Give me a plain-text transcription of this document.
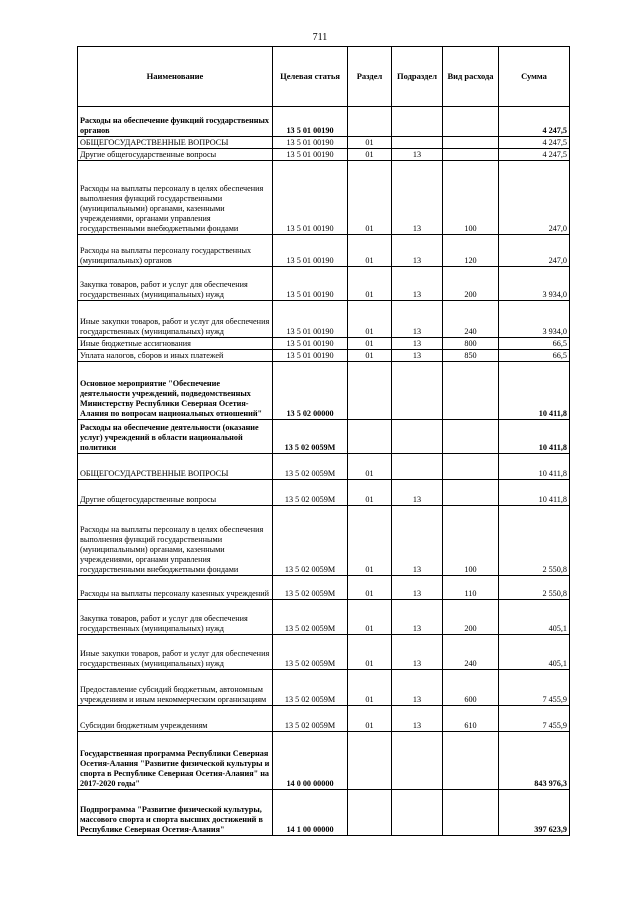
711
Наименование	Целевая статья	Раздел	Подраздел	Вид расхода	Сумма
Расходы на обеспечение функций государственных органов	13 5 01 00190				4 247,5
ОБЩЕГОСУДАРСТВЕННЫЕ ВОПРОСЫ	13 5 01 00190	01			4 247,5
Другие общегосударственные вопросы	13 5 01 00190	01	13		4 247,5
Расходы на выплаты персоналу в целях обеспечения выполнения функций государственными (муниципальными) органами, казенными учреждениями, органами управления государственными внебюджетными фондами	13 5 01 00190	01	13	100	247,0
Расходы на выплаты персоналу государственных (муниципальных) органов	13 5 01 00190	01	13	120	247,0
Закупка товаров, работ и услуг для обеспечения государственных (муниципальных) нужд	13 5 01 00190	01	13	200	3 934,0
Иные закупки товаров, работ и услуг для обеспечения государственных (муниципальных) нужд	13 5 01 00190	01	13	240	3 934,0
Иные бюджетные ассигнования	13 5 01 00190	01	13	800	66,5
Уплата налогов, сборов и иных платежей	13 5 01 00190	01	13	850	66,5
Основное мероприятие "Обеспечение деятельности учреждений, подведомственных Министерству Республики Северная Осетия-Алания по вопросам национальных отношений"	13 5 02 00000				10 411,8
Расходы на обеспечение деятельности (оказание услуг) учреждений в области национальной политики	13 5 02 0059М				10 411,8
ОБЩЕГОСУДАРСТВЕННЫЕ ВОПРОСЫ	13 5 02 0059М	01			10 411,8
Другие общегосударственные вопросы	13 5 02 0059М	01	13		10 411,8
Расходы на выплаты персоналу в целях обеспечения выполнения функций государственными (муниципальными) органами, казенными учреждениями, органами управления государственными внебюджетными фондами	13 5 02 0059М	01	13	100	2 550,8
Расходы на выплаты персоналу казенных учреждений	13 5 02 0059М	01	13	110	2 550,8
Закупка товаров, работ и услуг для обеспечения государственных (муниципальных) нужд	13 5 02 0059М	01	13	200	405,1
Иные закупки товаров, работ и услуг для обеспечения государственных (муниципальных) нужд	13 5 02 0059М	01	13	240	405,1
Предоставление субсидий бюджетным, автономным учреждениям и иным некоммерческим организациям	13 5 02 0059М	01	13	600	7 455,9
Субсидии бюджетным учреждениям	13 5 02 0059М	01	13	610	7 455,9
Государственная программа Республики Северная Осетия-Алания "Развитие физической культуры и спорта в Республике Северная Осетия-Алания" на 2017-2020 годы"	14 0 00 00000				843 976,3
Подпрограмма "Развитие физической культуры, массового спорта и спорта высших достижений в Республике Северная Осетия-Алания"	14 1 00 00000				397 623,9
